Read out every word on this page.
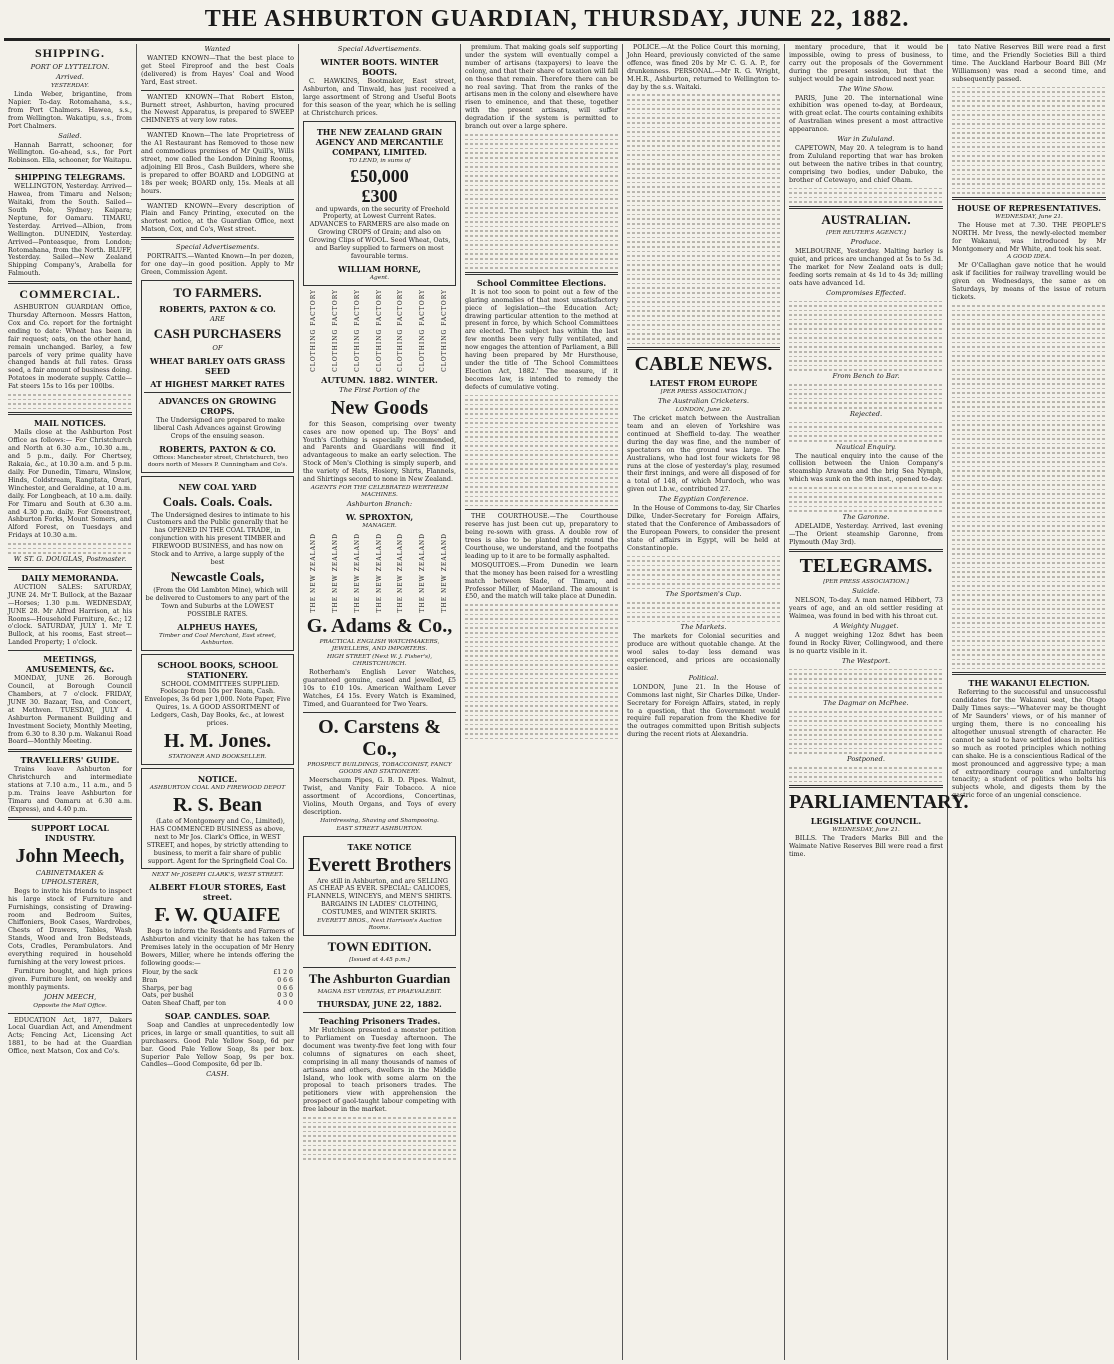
THE ASHBURTON GUARDIAN, THURSDAY, JUNE 22, 1882.
SHIPPING.
PORT OF LYTTELTON.
Arrived.
YESTERDAY.
Linda Weber, brigantine, from Napier. To-day. Rotomahana, s.s., from Port Chalmers. Hawea, s.s., from Wellington. Wakatipu, s.s., from Port Chalmers.
Sailed.
Hannah Barratt, schooner, for Wellington. Go-ahead, s.s., for Port Robinson. Ella, schooner, for Waitapu.
SHIPPING TELEGRAMS.
WELLINGTON, Yesterday. Arrived—Hawea, from Timaru and Nelson; Waitaki, from the South. Sailed—South Pole, Sydney; Kaipara; Neptune, for Oamaru. TIMARU, Yesterday. Arrived—Albion, from Wellington. DUNEDIN, Yesterday. Arrived—Ponteasque, from London; Rotomahana, from the North. BLUFF, Yesterday. Sailed—New Zealand Shipping Company's, Arabella for Falmouth.
COMMERCIAL.
ASHBURTON GUARDIAN Office, Thursday Afternoon. Messrs Hatton, Cox and Co. report for the fortnight ending to date: Wheat has been in fair request; oats, on the other hand, remain unchanged. Barley, a few parcels of very prime quality have changed hands at full rates. Grass seed, a fair amount of business doing. Potatoes in moderate supply. Cattle—Fat steers 15s to 16s per 100lbs.
MAIL NOTICES.
Mails close at the Ashburton Post Office as follows:— For Christchurch and North at 6.30 a.m., 10.30 a.m., and 5 p.m., daily. For Chertsey, Rakaia, &c., at 10.30 a.m. and 5 p.m. daily. For Dunedin, Timaru, Winslow, Hinds, Coldstream, Rangitata, Orari, Winchester, and Geraldine, at 10 a.m. daily. For Longbeach, at 10 a.m. daily. For Timaru and South at 6.30 a.m. and 4.30 p.m. daily. For Greenstreet, Ashburton Forks, Mount Somers, and Alford Forest, on Tuesdays and Fridays at 10.30 a.m.
W. ST. G. DOUGLAS, Postmaster.
DAILY MEMORANDA.
AUCTION SALES: SATURDAY, JUNE 24. Mr T. Bullock, at the Bazaar—Horses; 1.30 p.m. WEDNESDAY, JUNE 28. Mr Alfred Harrison, at his Rooms—Household Furniture, &c.; 12 o'clock. SATURDAY, JULY 1. Mr T. Bullock, at his rooms, East street—Landed Property; 1 o'clock.
MEETINGS, AMUSEMENTS, &c.
MONDAY, JUNE 26. Borough Council, at Borough Council Chambers, at 7 o'clock. FRIDAY, JUNE 30. Bazaar, Tea, and Concert, at Methven. TUESDAY, JULY 4. Ashburton Permanent Building and Investment Society, Monthly Meeting, from 6.30 to 8.30 p.m. Wakanui Road Board—Monthly Meeting.
TRAVELLERS' GUIDE.
Trains leave Ashburton for Christchurch and intermediate stations at 7.10 a.m., 11 a.m., and 5 p.m. Trains leave Ashburton for Timaru and Oamaru at 6.30 a.m. (Express), and 4.40 p.m.
SUPPORT LOCAL INDUSTRY.
John Meech,
CABINETMAKER & UPHOLSTERER,
Begs to invite his friends to inspect his large stock of Furniture and Furnishings, consisting of Drawing-room and Bedroom Suites, Chiffoniers, Book Cases, Wardrobes, Chests of Drawers, Tables, Wash Stands, Wood and Iron Bedsteads, Cots, Cradles, Perambulators. And everything required in household furnishing at the very lowest prices.
Furniture bought, and high prices given. Furniture lent, on weekly and monthly payments.
JOHN MEECH,
Opposite the Mail Office.
EDUCATION Act, 1877, Dakers Local Guardian Act, and Amendment Acts; Fencing Act, Licensing Act 1881, to be had at the Guardian Office, next Matson, Cox and Co's.
Wanted
WANTED KNOWN—That the best place to get Steel Fireproof and the best Coals (delivered) is from Hayes' Coal and Wood Yard, East street.
WANTED KNOWN—That Robert Elston, Burnett street, Ashburton, having procured the Newest Apparatus, is prepared to SWEEP CHIMNEYS at very low rates.
WANTED Known—The late Proprietress of the A1 Restaurant has Removed to those new and commodious premises of Mr Quill's, Wills street, now called the London Dining Rooms, adjoining Ell Bros., Cash Builders, where she is prepared to offer BOARD and LODGING at 18s per week; BOARD only, 15s. Meals at all hours.
WANTED KNOWN—Every description of Plain and Fancy Printing, executed on the shortest notice, at the Guardian Office, next Matson, Cox, and Co's, West street.
Special Advertisements.
PORTRAITS.—Wanted Known—In per dozen, for one day—in good position. Apply to Mr Green, Commission Agent.
TO FARMERS.
ROBERTS, PAXTON & CO.
ARE
CASH PURCHASERS
OF
WHEAT BARLEY OATS GRASS SEED
AT HIGHEST MARKET RATES
ADVANCES ON GROWING CROPS.
The Undersigned are prepared to make liberal Cash Advances against Growing Crops of the ensuing season.
ROBERTS, PAXTON & CO.
Offices: Manchester street, Christchurch, two doors north of Messrs P. Cunningham and Co's.
NEW COAL YARD
Coals. Coals. Coals.
The Undersigned desires to intimate to his Customers and the Public generally that he has OPENED IN THE COAL TRADE, in conjunction with his present TIMBER and FIREWOOD BUSINESS, and has now on Stock and to Arrive, a large supply of the best
Newcastle Coals,
(From the Old Lambton Mine), which will be delivered to Customers to any part of the Town and Suburbs at the LOWEST POSSIBLE RATES.
ALPHEUS HAYES,
Timber and Coal Merchant, East street, Ashburton.
SCHOOL BOOKS, SCHOOL STATIONERY.
SCHOOL COMMITTEES SUPPLIED. Foolscap from 10s per Ream, Cash. Envelopes, 3s 6d per 1,000. Note Paper, Five Quires, 1s. A GOOD ASSORTMENT of Ledgers, Cash, Day Books, &c., at lowest prices.
H. M. Jones.
STATIONER AND BOOKSELLER.
NOTICE.
ASHBURTON COAL AND FIREWOOD DEPOT
R. S. Bean
(Late of Montgomery and Co., Limited), HAS COMMENCED BUSINESS as above, next to Mr Jos. Clark's Office, in WEST STREET, and hopes, by strictly attending to business, to merit a fair share of public support. Agent for the Springfield Coal Co.
NEXT Mr JOSEPH CLARK'S, WEST STREET.
ALBERT FLOUR STORES, East street.
F. W. QUAIFE
Begs to inform the Residents and Farmers of Ashburton and vicinity that he has taken the Premises lately in the occupation of Mr Henry Bowers, Miller, where he intends offering the following goods:—
Flour, by the sack	£1 2 0
Bran	0 6 6
Sharps, per bag	0 6 6
Oats, per bushel	0 3 0
Oaten Sheaf Chaff, per ton	4 0 0
SOAP. CANDLES. SOAP.
Soap and Candles at unprecedentedly low prices, in large or small quantities, to suit all purchasers. Good Pale Yellow Soap, 6d per bar. Good Pale Yellow Soap, 8s per box. Superior Pale Yellow Soap, 9s per box. Candles—Good Composite, 6d per lb.
CASH.
Special Advertisements.
WINTER BOOTS. WINTER BOOTS.
C. HAWKINS, Bootmaker, East street, Ashburton, and Tinwald, has just received a large assortment of Strong and Useful Boots for this season of the year, which he is selling at Christchurch prices.
THE NEW ZEALAND GRAIN AGENCY AND MERCANTILE COMPANY, LIMITED.
TO LEND, in sums of
£50,000
£300
and upwards, on the security of Freehold Property, at Lowest Current Rates. ADVANCES to FARMERS are also made on Growing CROPS of Grain; and also on Growing Clips of WOOL. Seed Wheat, Oats, and Barley supplied to farmers on most favourable terms.
WILLIAM HORNE,
Agent.
CLOTHING FACTORY CLOTHING FACTORY CLOTHING FACTORY CLOTHING FACTORY CLOTHING FACTORY CLOTHING FACTORY CLOTHING FACTORY
AUTUMN. 1882. WINTER.
The First Portion of the
New Goods
for this Season, comprising over twenty cases are now opened up. The Boys' and Youth's Clothing is especially recommended, and Parents and Guardians will find it advantageous to make an early selection. The Stock of Men's Clothing is simply superb, and the variety of Hats, Hosiery, Shirts, Flannels, and Shirtings second to none in New Zealand.
AGENTS FOR THE CELEBRATED WERTHEIM MACHINES.
Ashburton Branch:
W. SPROXTON,
MANAGER.
THE NEW ZEALAND THE NEW ZEALAND THE NEW ZEALAND THE NEW ZEALAND THE NEW ZEALAND THE NEW ZEALAND THE NEW ZEALAND
G. Adams & Co.,
PRACTICAL ENGLISH WATCHMAKERS, JEWELLERS, AND IMPORTERS.
HIGH STREET (Next W. J. Fisher's), CHRISTCHURCH.
Rotherham's English Lever Watches, guaranteed genuine, cased and jewelled, £5 10s to £10 10s. American Waltham Lever Watches, £4 15s. Every Watch is Examined, Timed, and Guaranteed for Two Years.
O. Carstens & Co.,
PROSPECT BUILDINGS, TOBACCONIST, FANCY GOODS AND STATIONERY.
Meerschaum Pipes, G. B. D. Pipes. Walnut, Twist, and Vanity Fair Tobacco. A nice assortment of Accordions, Concertinas, Violins, Mouth Organs, and Toys of every description.
Hairdressing, Shaving and Shampooing.
EAST STREET ASHBURTON.
TAKE NOTICE
Everett Brothers
Are still in Ashburton, and are SELLING AS CHEAP AS EVER. SPECIAL: CALICOES, FLANNELS, WINCEYS, and MEN'S SHIRTS. BARGAINS IN LADIES' CLOTHING, COSTUMES, and WINTER SKIRTS.
EVERETT BROS., Next Harrison's Auction Rooms.
TOWN EDITION.
[Issued at 4.45 p.m.]
The Ashburton Guardian
MAGNA EST VERITAS, ET PRAEVALEBIT.
THURSDAY, JUNE 22, 1882.
Teaching Prisoners Trades.
Mr Hutchison presented a monster petition to Parliament on Tuesday afternoon. The document was twenty-five feet long with four columns of signatures on each sheet, comprising in all many thousands of names of artisans and others, dwellers in the Middle Island, who look with some alarm on the proposal to teach prisoners trades. The petitioners view with apprehension the prospect of gaol-taught labour competing with free labour in the market.
premium. That making goals self supporting under the system will eventually compel a number of artisans (taxpayers) to leave the colony, and that their share of taxation will fall on those that remain. Therefore there can be no real saving. That from the ranks of the artisans men in the colony and elsewhere have risen to eminence, and that these, together with the present artisans, will suffer degradation if the system is permitted to branch out over a large sphere.
School Committee Elections.
It is not too soon to point out a few of the glaring anomalies of that most unsatisfactory piece of legislation—the Education Act; drawing particular attention to the method at present in force, by which School Committees are elected. The subject has within the last few months been very fully ventilated, and now engages the attention of Parliament, a Bill having been prepared by Mr Hursthouse, under the title of 'The School Committees Election Act, 1882.' The measure, if it becomes law, is intended to remedy the defects of cumulative voting.
THE COURTHOUSE.—The Courthouse reserve has just been cut up, preparatory to being re-sown with grass. A double row of trees is also to be planted right round the Courthouse, we understand, and the footpaths leading up to it are to be formally asphalted.
MOSQUITOES.—From Dunedin we learn that the money has been raised for a wrestling match between Slade, of Timaru, and Professor Miller, of Maoriland. The amount is £50, and the match will take place at Dunedin.
POLICE.—At the Police Court this morning, John Heard, previously convicted of the same offence, was fined 20s by Mr C. G. A. P., for drunkenness. PERSONAL.—Mr R. G. Wright, M.H.R., Ashburton, returned to Wellington to-day by the s.s. Waitaki.
CABLE NEWS.
LATEST FROM EUROPE
[PER PRESS ASSOCIATION.]
The Australian Cricketers.
LONDON, June 20.
The cricket match between the Australian team and an eleven of Yorkshire was continued at Sheffield to-day. The weather during the day was fine, and the number of spectators on the ground was large. The Australians, who had lost four wickets for 98 runs at the close of yesterday's play, resumed their first innings, and were all disposed of for a total of 148, of which Murdoch, who was given out l.b.w., contributed 27.
The Egyptian Conference.
In the House of Commons to-day, Sir Charles Dilke, Under-Secretary for Foreign Affairs, stated that the Conference of Ambassadors of the European Powers, to consider the present state of affairs in Egypt, will be held at Constantinople.
The Sportsmen's Cup.
The Markets.
The markets for Colonial securities and produce are without quotable change. At the wool sales to-day less demand was experienced, and prices are occasionally easier.
Political.
LONDON, June 21. In the House of Commons last night, Sir Charles Dilke, Under-Secretary for Foreign Affairs, stated, in reply to a question, that the Government would require full reparation from the Khedive for the outrages committed upon British subjects during the recent riots at Alexandria.
mentary procedure, that it would be impossible, owing to press of business, to carry out the proposals of the Government during the present session, but that the subject would be again introduced next year.
The Wine Show.
PARIS, June 20. The international wine exhibition was opened to-day, at Bordeaux, with great eclat. The courts containing exhibits of Australian wines present a most attractive appearance.
War in Zululand.
CAPETOWN, May 20. A telegram is to hand from Zululand reporting that war has broken out between the native tribes in that country, comprising two bodies, under Dabuko, the brother of Cetewayo, and chief Oham.
AUSTRALIAN.
[PER REUTER'S AGENCY.]
Produce.
MELBOURNE, Yesterday. Malting barley is quiet, and prices are unchanged at 5s to 5s 3d. The market for New Zealand oats is dull; feeding sorts remain at 4s 1d to 4s 3d; milling oats have advanced 1d.
Compromises Effected.
From Bench to Bar.
Rejected.
Nautical Enquiry.
The nautical enquiry into the cause of the collision between the Union Company's steamship Arawata and the brig Sea Nymph, which was sunk on the 9th inst., opened to-day.
The Garonne.
ADELAIDE, Yesterday. Arrived, last evening—The Orient steamship Garonne, from Plymouth (May 3rd).
TELEGRAMS.
[PER PRESS ASSOCIATION.]
Suicide.
NELSON, To-day. A man named Hibbert, 73 years of age, and an old settler residing at Waimea, was found in bed with his throat cut.
A Weighty Nugget.
A nugget weighing 12oz 8dwt has been found in Rocky River, Collingwood, and there is no quartz visible in it.
The Westport.
The Dagmar on McPhee.
Postponed.
PARLIAMENTARY.
LEGISLATIVE COUNCIL.
WEDNESDAY, June 21.
BILLS. The Traders Marks Bill and the Waimate Native Reserves Bill were read a first time.
tato Native Reserves Bill were read a first time, and the Friendly Societies Bill a third time. The Auckland Harbour Board Bill (Mr Williamson) was read a second time, and subsequently passed.
HOUSE OF REPRESENTATIVES.
WEDNESDAY, June 21.
The House met at 7.30. THE PEOPLE'S NORTH. Mr Ivess, the newly-elected member for Wakanui, was introduced by Mr Montgomery and Mr White, and took his seat.
A GOOD IDEA.
Mr O'Callaghan gave notice that he would ask if facilities for railway travelling would be given on Wednesdays, the same as on Saturdays, by means of the issue of return tickets.
THE WAKANUI ELECTION.
Referring to the successful and unsuccessful candidates for the Wakanui seat, the Otago Daily Times says:—"Whatever may be thought of Mr Saunders' views, or of his manner of urging them, there is no concealing his altogether unusual strength of character. He cannot be said to have settled ideas in politics so much as rooted principles which nothing can shake. He is a conscientious Radical of the most pronounced and aggressive type; a man of extraordinary courage and unfaltering tenacity; a student of politics who bolts his subjects whole, and digests them by the gastric force of an ungenial conscience.
